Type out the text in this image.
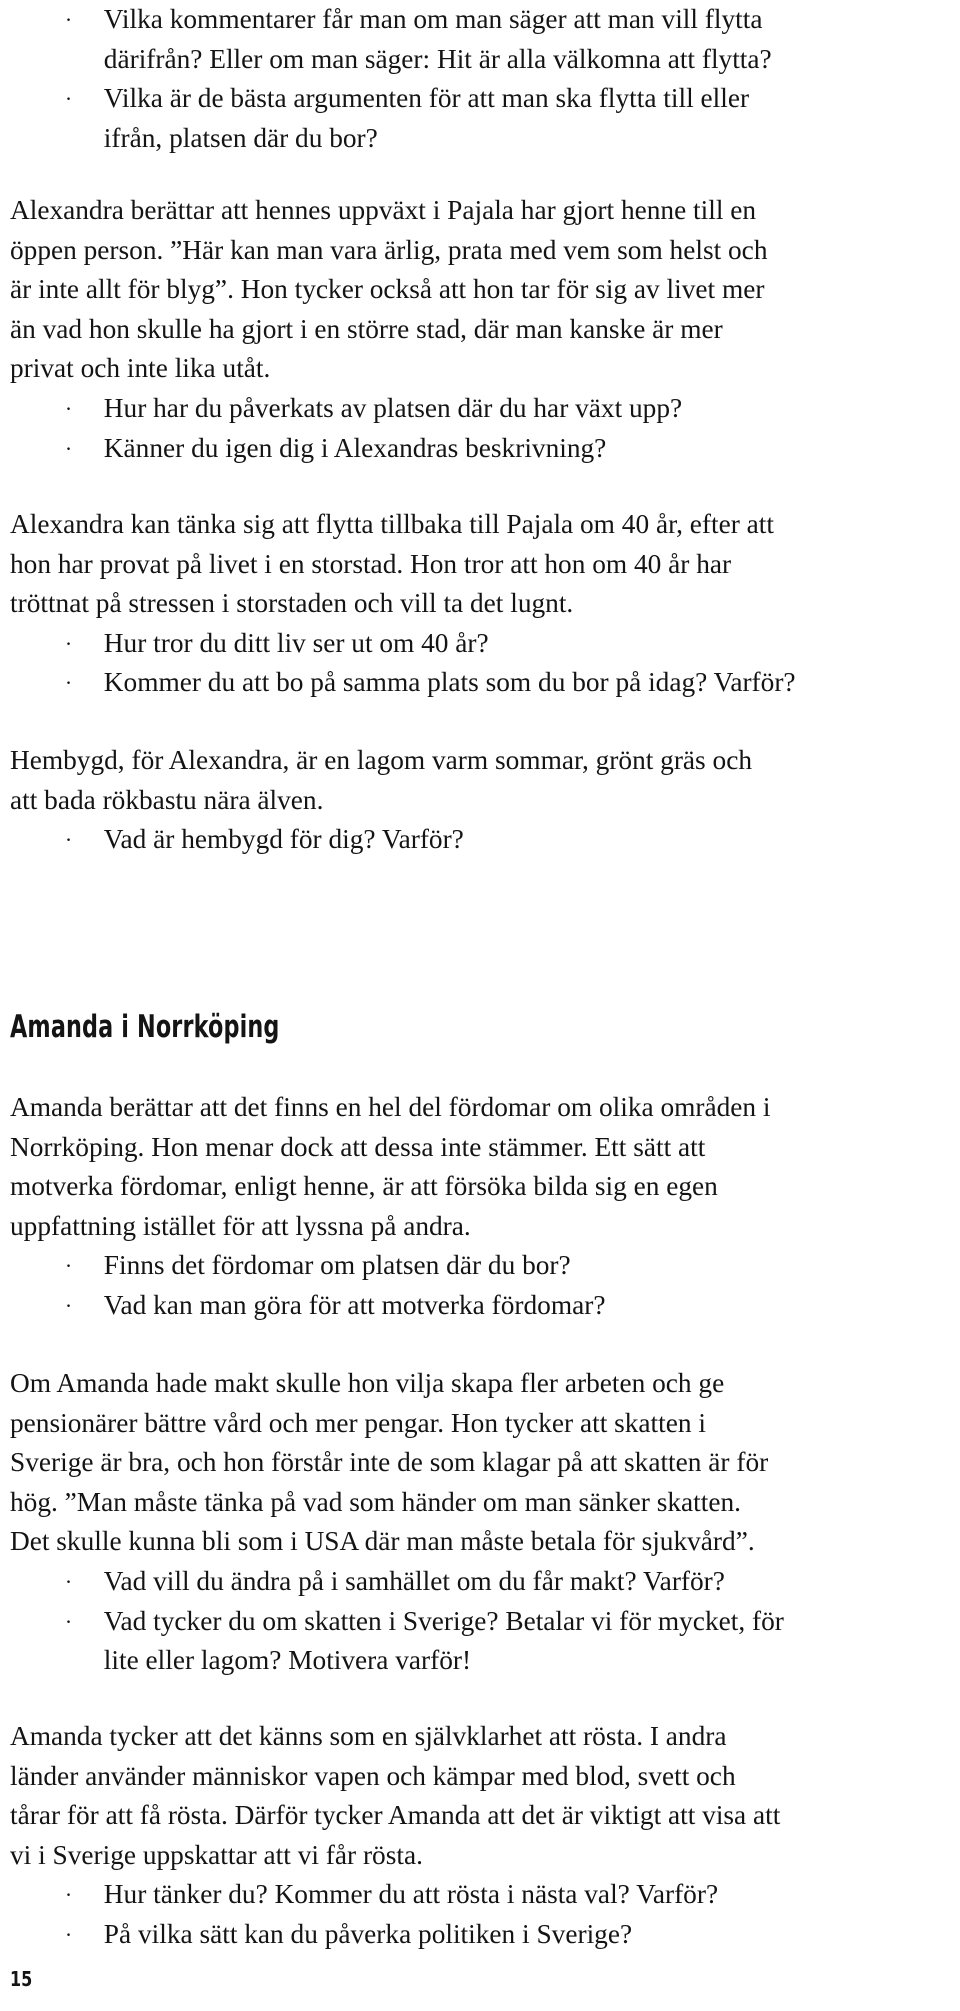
· Vilka kommentarer får man om man säger att man vill flytta
därifrån? Eller om man säger: Hit är alla välkomna att flytta?
· Vilka är de bästa argumenten för att man ska flytta till eller
ifrån, platsen där du bor?
Alexandra berättar att hennes uppväxt i Pajala har gjort henne till en
öppen person. ”Här kan man vara ärlig, prata med vem som helst och
är inte allt för blyg”. Hon tycker också att hon tar för sig av livet mer
än vad hon skulle ha gjort i en större stad, där man kanske är mer
privat och inte lika utåt.
· Hur har du påverkats av platsen där du har växt upp?
· Känner du igen dig i Alexandras beskrivning?
Alexandra kan tänka sig att flytta tillbaka till Pajala om 40 år, efter att
hon har provat på livet i en storstad. Hon tror att hon om 40 år har
tröttnat på stressen i storstaden och vill ta det lugnt.
· Hur tror du ditt liv ser ut om 40 år?
· Kommer du att bo på samma plats som du bor på idag? Varför?
Hembygd, för Alexandra, är en lagom varm sommar, grönt gräs och
att bada rökbastu nära älven.
· Vad är hembygd för dig? Varför?
Amanda i Norrköping
Amanda berättar att det finns en hel del fördomar om olika områden i
Norrköping. Hon menar dock att dessa inte stämmer. Ett sätt att
motverka fördomar, enligt henne, är att försöka bilda sig en egen
uppfattning istället för att lyssna på andra.
· Finns det fördomar om platsen där du bor?
· Vad kan man göra för att motverka fördomar?
Om Amanda hade makt skulle hon vilja skapa fler arbeten och ge
pensionärer bättre vård och mer pengar. Hon tycker att skatten i
Sverige är bra, och hon förstår inte de som klagar på att skatten är för
hög. ”Man måste tänka på vad som händer om man sänker skatten.
Det skulle kunna bli som i USA där man måste betala för sjukvård”.
· Vad vill du ändra på i samhället om du får makt? Varför?
· Vad tycker du om skatten i Sverige? Betalar vi för mycket, för
lite eller lagom? Motivera varför!
Amanda tycker att det känns som en självklarhet att rösta. I andra
länder använder människor vapen och kämpar med blod, svett och
tårar för att få rösta. Därför tycker Amanda att det är viktigt att visa att
vi i Sverige uppskattar att vi får rösta.
· Hur tänker du? Kommer du att rösta i nästa val? Varför?
· På vilka sätt kan du påverka politiken i Sverige?
15
